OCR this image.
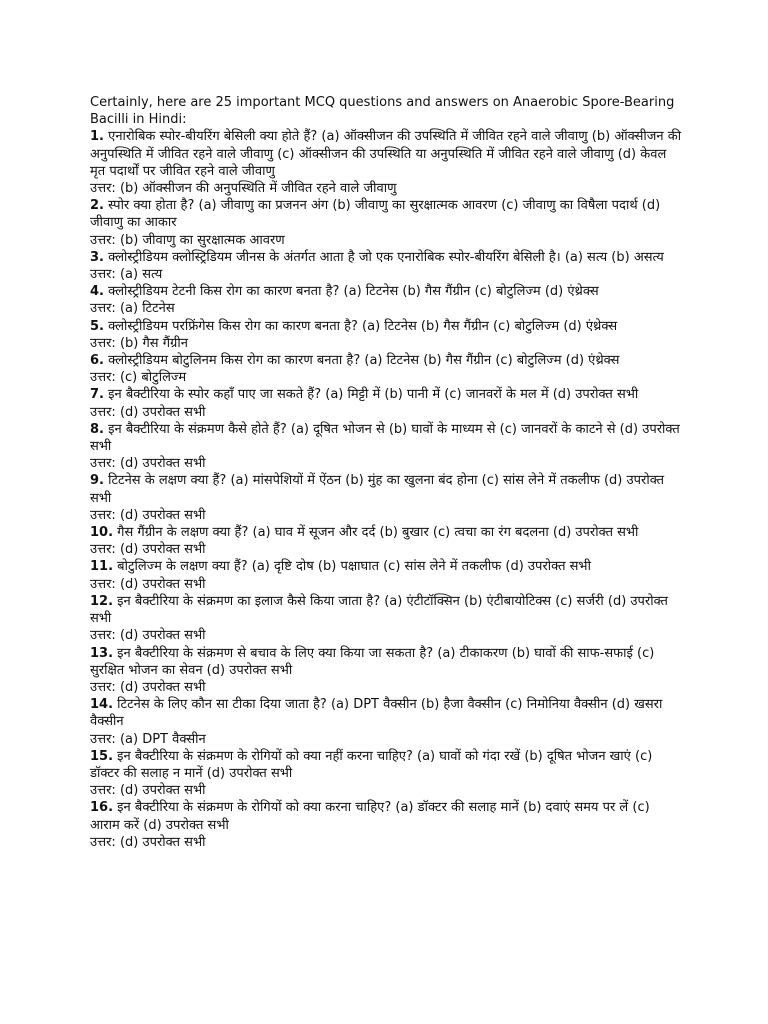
Certainly, here are 25 important MCQ questions and answers on Anaerobic Spore-Bearing Bacilli in Hindi:

1. एनारोबिक स्पोर-बीयरिंग बेसिली क्या होते हैं? (a) ऑक्सीजन की उपस्थिति में जीवित रहने वाले जीवाणु (b) ऑक्सीजन की अनुपस्थिति में जीवित रहने वाले जीवाणु (c) ऑक्सीजन की उपस्थिति या अनुपस्थिति में जीवित रहने वाले जीवाणु (d) केवल मृत पदार्थों पर जीवित रहने वाले जीवाणु

उत्तर: (b) ऑक्सीजन की अनुपस्थिति में जीवित रहने वाले जीवाणु

2. स्पोर क्या होता है? (a) जीवाणु का प्रजनन अंग (b) जीवाणु का सुरक्षात्मक आवरण (c) जीवाणु का विषैला पदार्थ (d) जीवाणु का आकार

उत्तर: (b) जीवाणु का सुरक्षात्मक आवरण

3. क्लोस्ट्रीडियम क्लोस्ट्रिडियम जीनस के अंतर्गत आता है जो एक एनारोबिक स्पोर-बीयरिंग बेसिली है। (a) सत्य (b) असत्य

उत्तर: (a) सत्य

4. क्लोस्ट्रीडियम टेटनी किस रोग का कारण बनता है? (a) टिटनेस (b) गैस गैंग्रीन (c) बोटुलिज्म (d) एंथ्रेक्स

उत्तर: (a) टिटनेस

5. क्लोस्ट्रीडियम परफ्रिंगेस किस रोग का कारण बनता है? (a) टिटनेस (b) गैस गैंग्रीन (c) बोटुलिज्म (d) एंथ्रेक्स

उत्तर: (b) गैस गैंग्रीन

6. क्लोस्ट्रीडियम बोटुलिनम किस रोग का कारण बनता है? (a) टिटनेस (b) गैस गैंग्रीन (c) बोटुलिज्म (d) एंथ्रेक्स

उत्तर: (c) बोटुलिज्म

7. इन बैक्टीरिया के स्पोर कहाँ पाए जा सकते हैं? (a) मिट्टी में (b) पानी में (c) जानवरों के मल में (d) उपरोक्त सभी

उत्तर: (d) उपरोक्त सभी

8. इन बैक्टीरिया के संक्रमण कैसे होते हैं? (a) दूषित भोजन से (b) घावों के माध्यम से (c) जानवरों के काटने से (d) उपरोक्त सभी

उत्तर: (d) उपरोक्त सभी

9. टिटनेस के लक्षण क्या हैं? (a) मांसपेशियों में ऐंठन (b) मुंह का खुलना बंद होना (c) सांस लेने में तकलीफ (d) उपरोक्त सभी

उत्तर: (d) उपरोक्त सभी

10. गैस गैंग्रीन के लक्षण क्या हैं? (a) घाव में सूजन और दर्द (b) बुखार (c) त्वचा का रंग बदलना (d) उपरोक्त सभी

उत्तर: (d) उपरोक्त सभी

11. बोटुलिज्म के लक्षण क्या हैं? (a) दृष्टि दोष (b) पक्षाघात (c) सांस लेने में तकलीफ (d) उपरोक्त सभी

उत्तर: (d) उपरोक्त सभी

12. इन बैक्टीरिया के संक्रमण का इलाज कैसे किया जाता है? (a) एंटीटॉक्सिन (b) एंटीबायोटिक्स (c) सर्जरी (d) उपरोक्त सभी

उत्तर: (d) उपरोक्त सभी

13. इन बैक्टीरिया के संक्रमण से बचाव के लिए क्या किया जा सकता है? (a) टीकाकरण (b) घावों की साफ-सफाई (c) सुरक्षित भोजन का सेवन (d) उपरोक्त सभी

उत्तर: (d) उपरोक्त सभी

14. टिटनेस के लिए कौन सा टीका दिया जाता है? (a) DPT वैक्सीन (b) हैजा वैक्सीन (c) निमोनिया वैक्सीन (d) खसरा वैक्सीन

उत्तर: (a) DPT वैक्सीन

15. इन बैक्टीरिया के संक्रमण के रोगियों को क्या नहीं करना चाहिए? (a) घावों को गंदा रखें (b) दूषित भोजन खाएं (c) डॉक्टर की सलाह न मानें (d) उपरोक्त सभी

उत्तर: (d) उपरोक्त सभी

16. इन बैक्टीरिया के संक्रमण के रोगियों को क्या करना चाहिए? (a) डॉक्टर की सलाह मानें (b) दवाएं समय पर लें (c) आराम करें (d) उपरोक्त सभी

उत्तर: (d) उपरोक्त सभी
